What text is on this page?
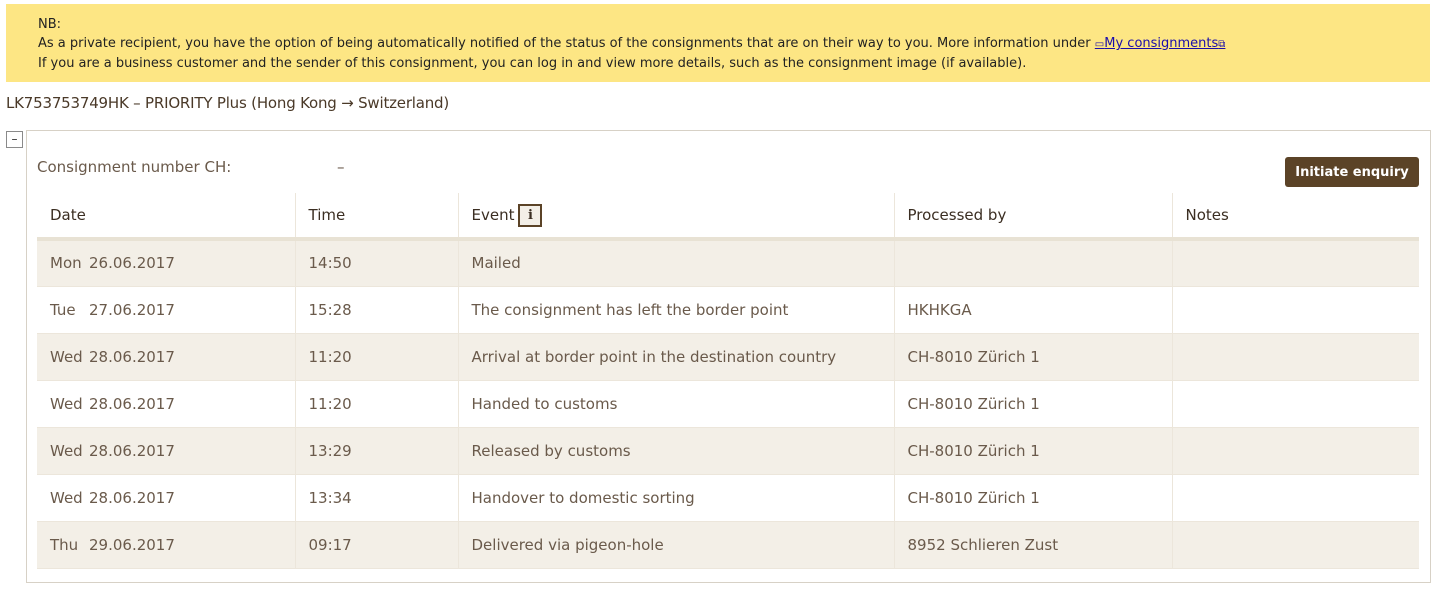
NB:
As a private recipient, you have the option of being automatically notified of the status of the consignments that are on their way to you. More information under ▭My consignments⧉
If you are a business customer and the sender of this consignment, you can log in and view more details, such as the consignment image (if available).
LK753753749HK – PRIORITY Plus (Hong Kong → Switzerland)
–
Consignment number CH:	–	Initiate enquiry
Date	Time	Event i	Processed by	Notes
Mon 26.06.2017	14:50	Mailed		
Tue 27.06.2017	15:28	The consignment has left the border point	HKHKGA	
Wed 28.06.2017	11:20	Arrival at border point in the destination country	CH-8010 Zürich 1	
Wed 28.06.2017	11:20	Handed to customs	CH-8010 Zürich 1	
Wed 28.06.2017	13:29	Released by customs	CH-8010 Zürich 1	
Wed 28.06.2017	13:34	Handover to domestic sorting	CH-8010 Zürich 1	
Thu 29.06.2017	09:17	Delivered via pigeon-hole	8952 Schlieren Zust	
